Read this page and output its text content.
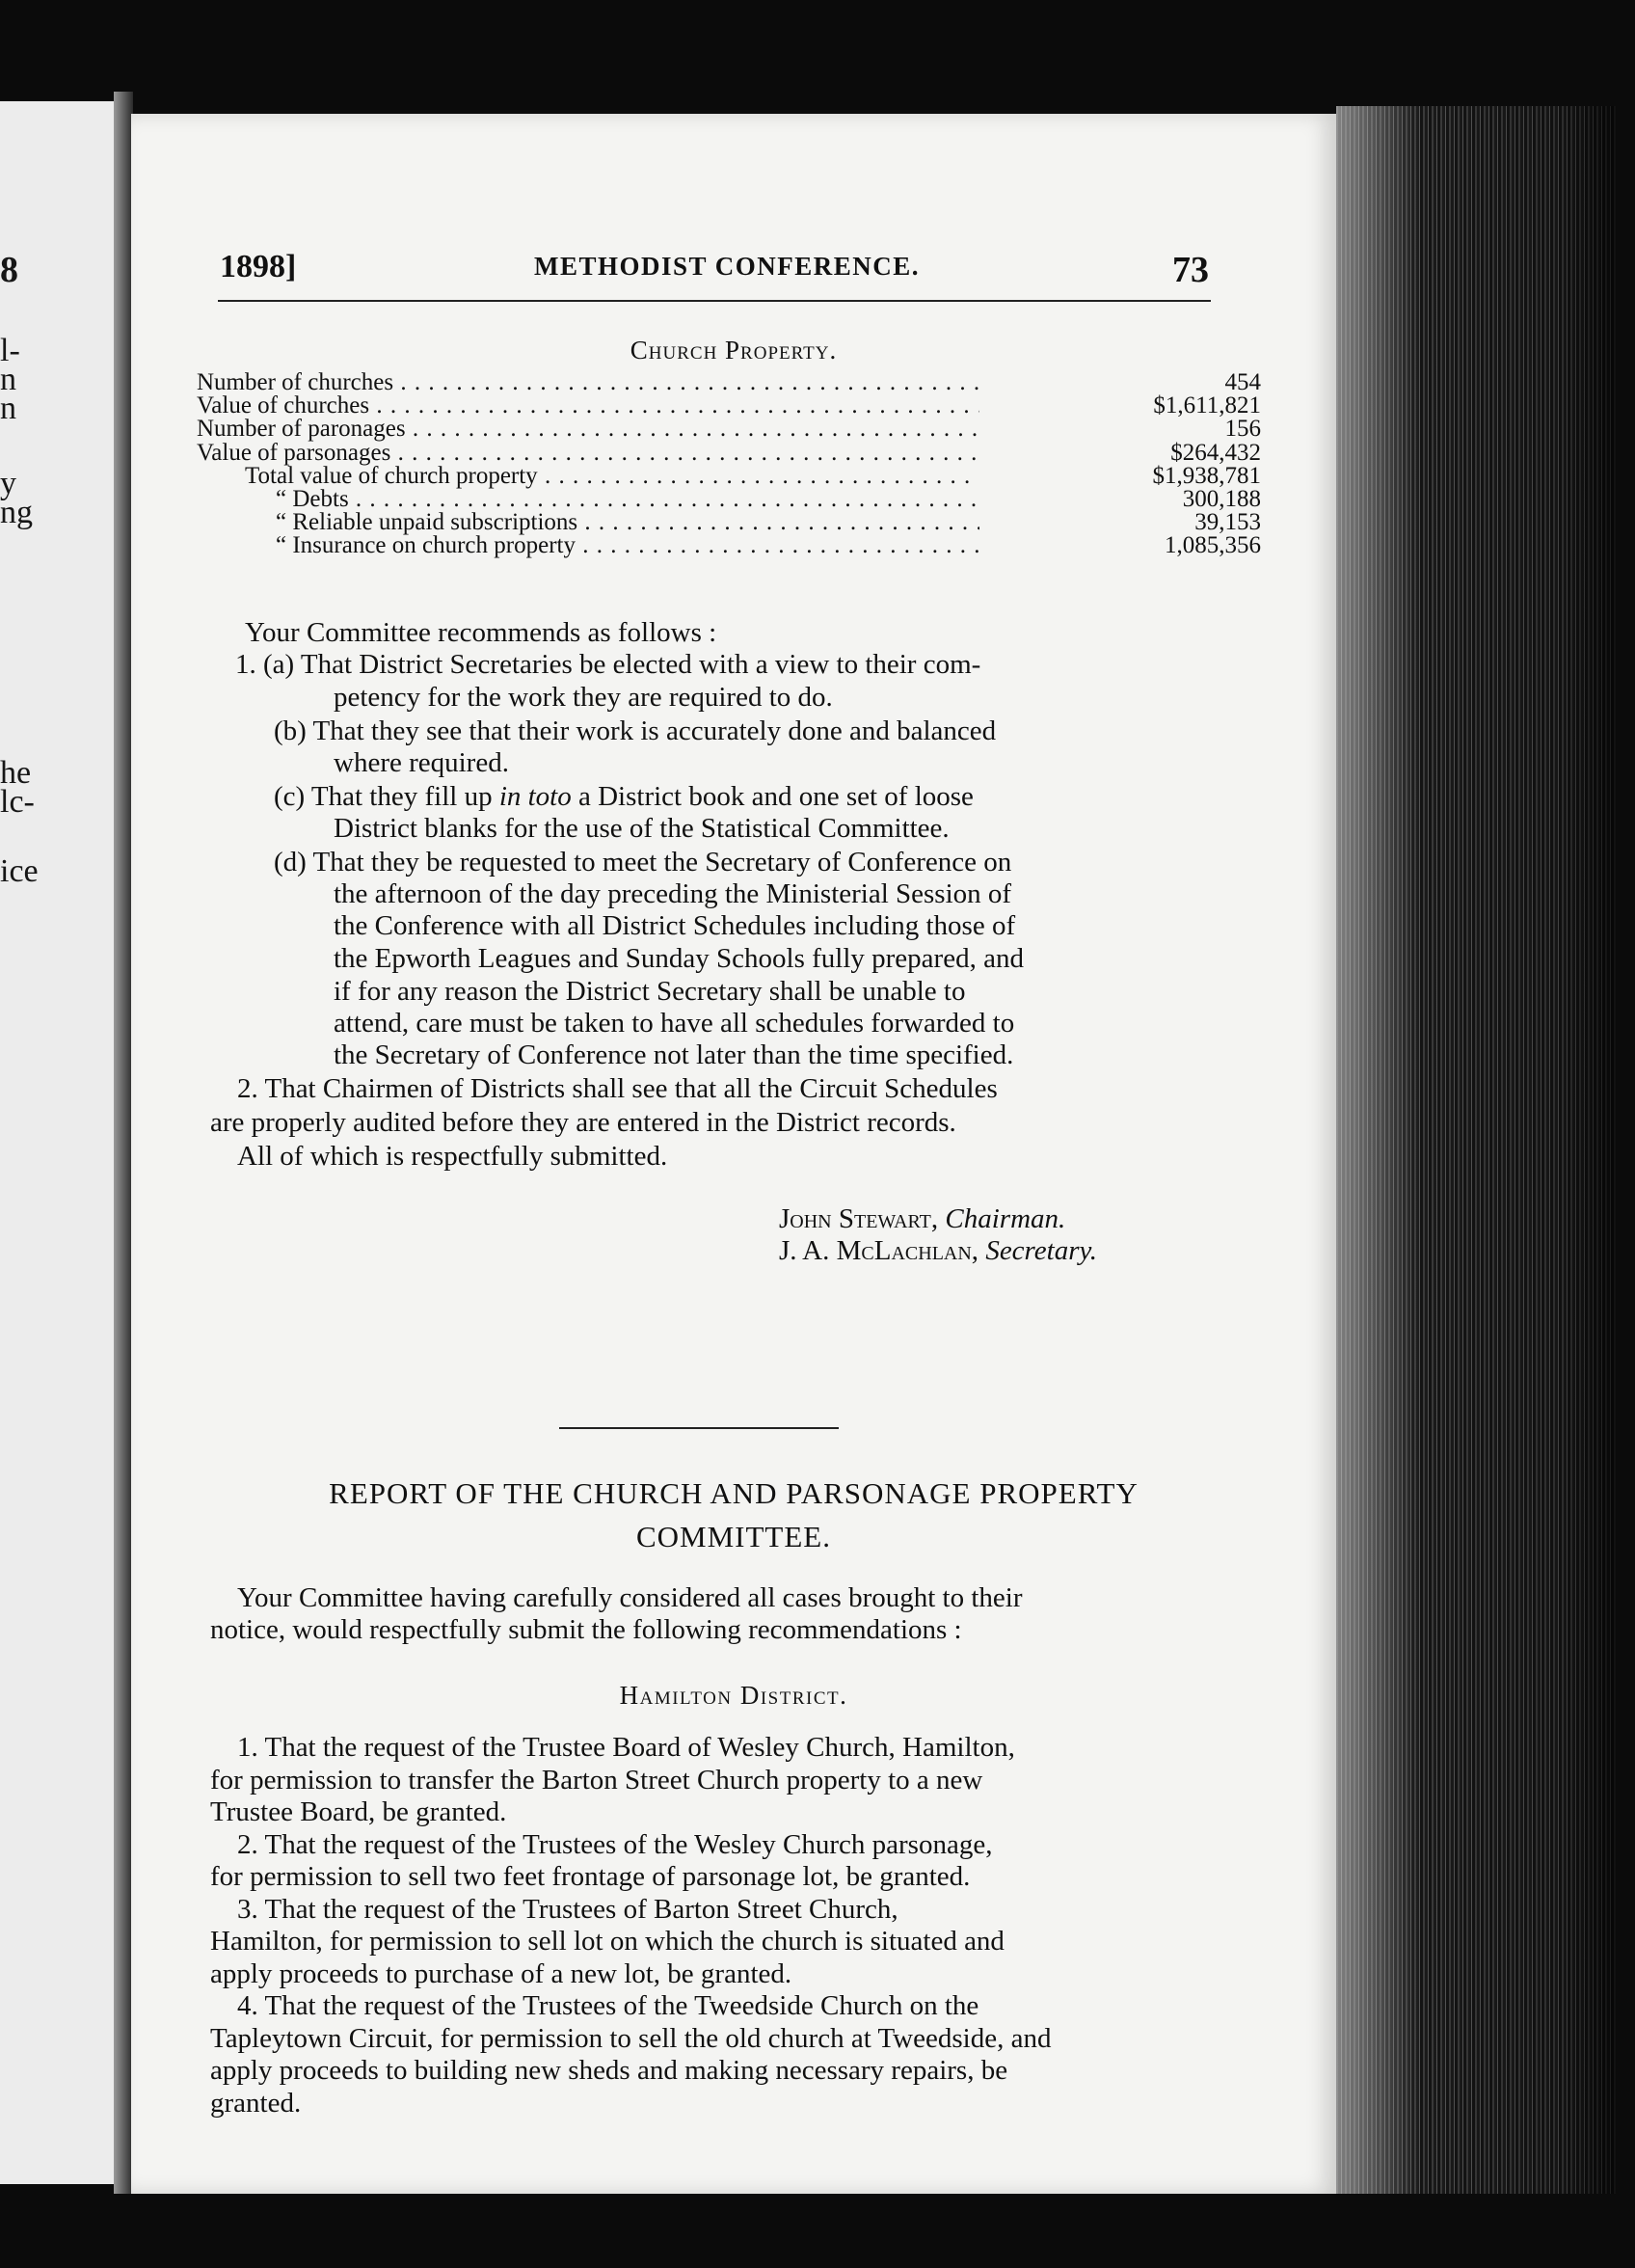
8
l-
n
n
y
ng
he
lc-
ice
1898]	METHODIST CONFERENCE.	73
Church Property.
Number of churches . . .	454
Value of churches . . .	$1,611,821
Number of paronages . . .	156
Value of parsonages . . .	$264,432
Total value of church property . . .	$1,938,781
“ Debts . . .	300,188
“ Reliable unpaid subscriptions . . .	39,153
“ Insurance on church property . . .	1,085,356
Your Committee recommends as follows :
1. (a) That District Secretaries be elected with a view to their com-
petency for the work they are required to do.
(b) That they see that their work is accurately done and balanced
where required.
(c) That they fill up in toto a District book and one set of loose
District blanks for the use of the Statistical Committee.
(d) That they be requested to meet the Secretary of Conference on
the afternoon of the day preceding the Ministerial Session of
the Conference with all District Schedules including those of
the Epworth Leagues and Sunday Schools fully prepared, and
if for any reason the District Secretary shall be unable to
attend, care must be taken to have all schedules forwarded to
the Secretary of Conference not later than the time specified.
2. That Chairmen of Districts shall see that all the Circuit Schedules
are properly audited before they are entered in the District records.
All of which is respectfully submitted.
John Stewart, Chairman.
J. A. McLachlan, Secretary.
REPORT OF THE CHURCH AND PARSONAGE PROPERTY
COMMITTEE.
Your Committee having carefully considered all cases brought to their
notice, would respectfully submit the following recommendations :
Hamilton District.
1. That the request of the Trustee Board of Wesley Church, Hamilton,
for permission to transfer the Barton Street Church property to a new
Trustee Board, be granted.
2. That the request of the Trustees of the Wesley Church parsonage,
for permission to sell two feet frontage of parsonage lot, be granted.
3. That the request of the Trustees of Barton Street Church,
Hamilton, for permission to sell lot on which the church is situated and
apply proceeds to purchase of a new lot, be granted.
4. That the request of the Trustees of the Tweedside Church on the
Tapleytown Circuit, for permission to sell the old church at Tweedside, and
apply proceeds to building new sheds and making necessary repairs, be
granted.
